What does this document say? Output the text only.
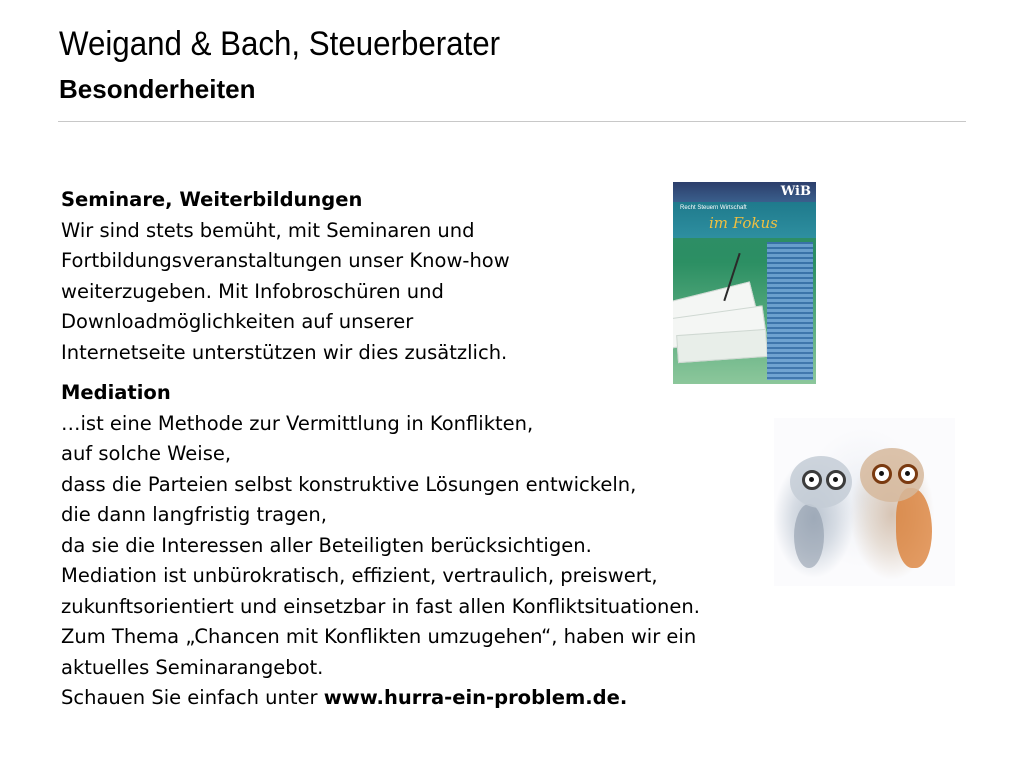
Weigand & Bach, Steuerberater
Besonderheiten
Seminare, Weiterbildungen
Wir sind stets bemüht, mit Seminaren und
Fortbildungsveranstaltungen unser Know-how
weiterzugeben. Mit Infobroschüren und
Downloadmöglichkeiten auf unserer
Internetseite unterstützen wir dies zusätzlich.
WiB
Recht Steuern Wirtschaft
im Fokus
Mediation
…ist eine Methode zur Vermittlung in Konflikten,
auf solche Weise,
dass die Parteien selbst konstruktive Lösungen entwickeln,
die dann langfristig tragen,
da sie die Interessen aller Beteiligten berücksichtigen.
Mediation ist unbürokratisch, effizient, vertraulich, preiswert,
zukunftsorientiert und einsetzbar in fast allen Konfliktsituationen.
Zum Thema „Chancen mit Konflikten umzugehen“, haben wir ein
aktuelles Seminarangebot.
Schauen Sie einfach unter www.hurra-ein-problem.de.
